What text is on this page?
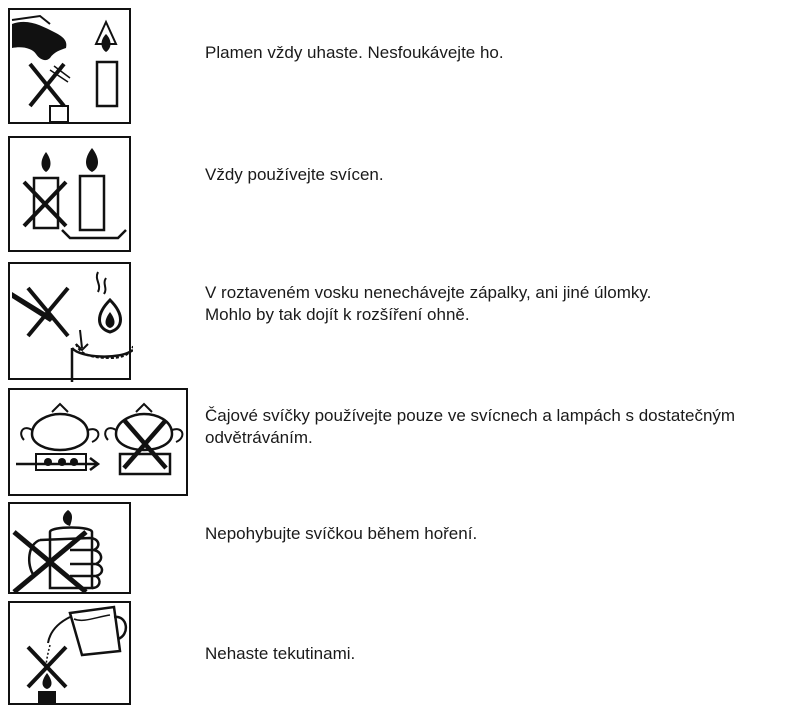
Plamen vždy uhaste. Nesfoukávejte ho.
Vždy používejte svícen.
V roztaveném vosku nenechávejte zápalky, ani jiné úlomky.
Mohlo by tak dojít k rozšíření ohně.
Čajové svíčky používejte pouze ve svícnech a lampách s dostatečným
odvětráváním.
Nepohybujte svíčkou během hoření.
Nehaste tekutinami.
